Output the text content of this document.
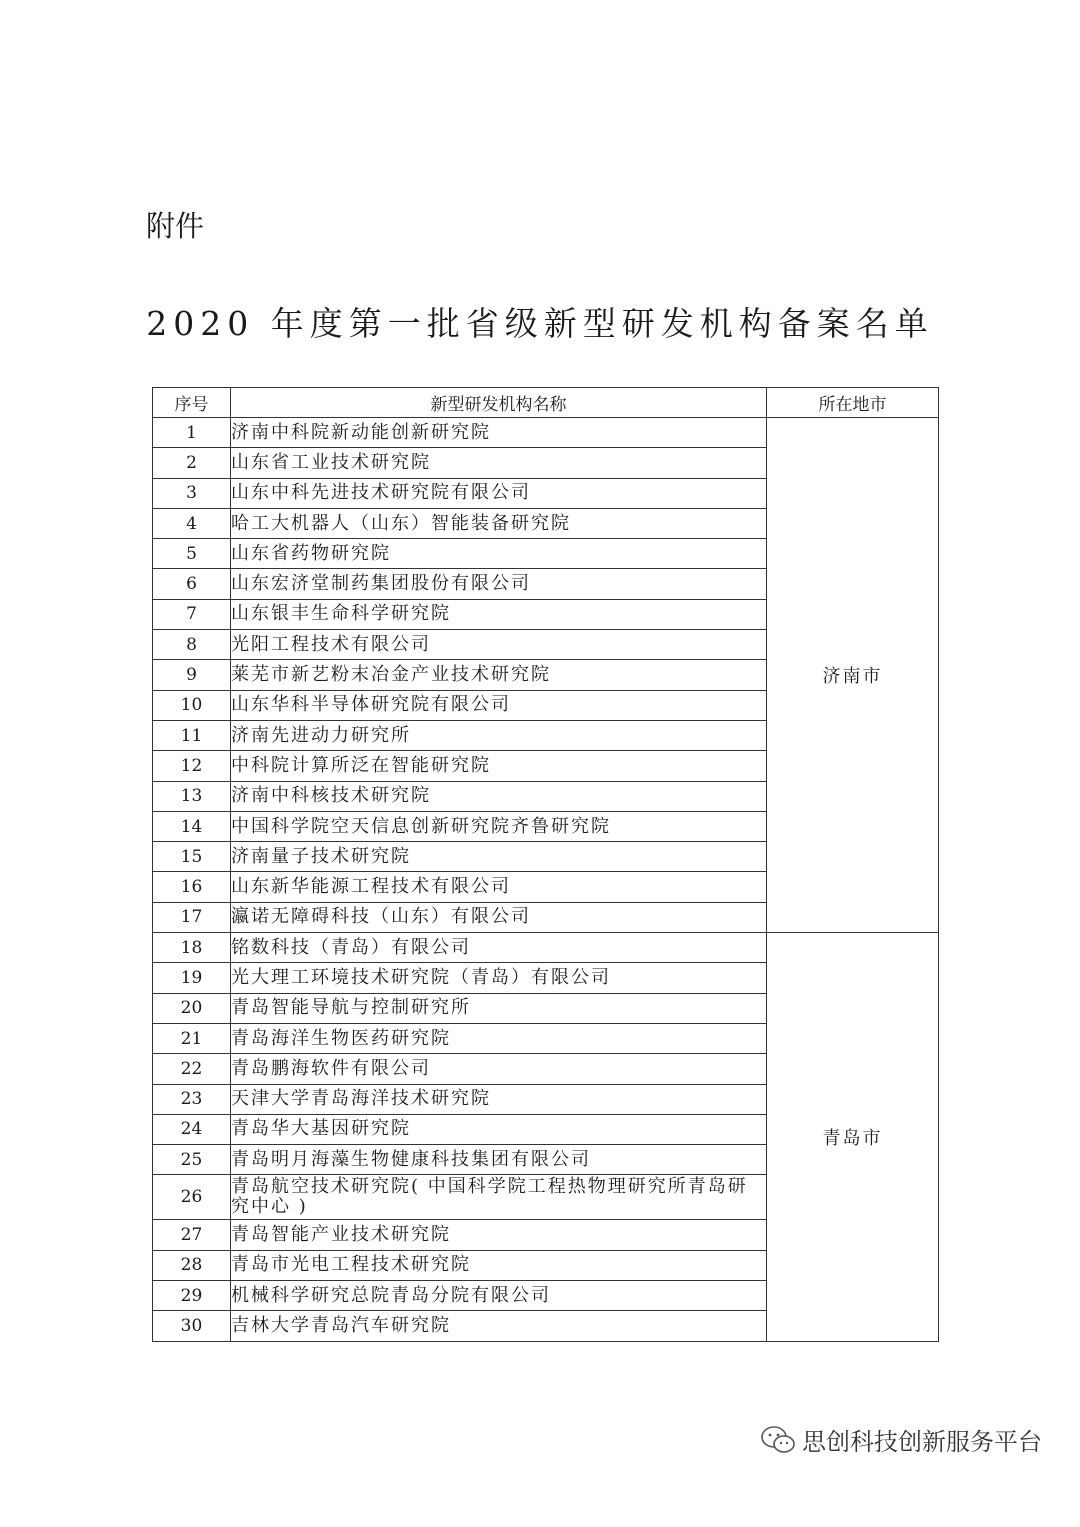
附件
2020 年度第一批省级新型研发机构备案名单
序号	新型研发机构名称	所在地市
1	济南中科院新动能创新研究院	济南市
2	山东省工业技术研究院	
3	山东中科先进技术研究院有限公司	
4	哈工大机器人（山东）智能装备研究院	
5	山东省药物研究院	
6	山东宏济堂制药集团股份有限公司	
7	山东银丰生命科学研究院	
8	光阳工程技术有限公司	
9	莱芜市新艺粉末冶金产业技术研究院	
10	山东华科半导体研究院有限公司	
11	济南先进动力研究所	
12	中科院计算所泛在智能研究院	
13	济南中科核技术研究院	
14	中国科学院空天信息创新研究院齐鲁研究院	
15	济南量子技术研究院	
16	山东新华能源工程技术有限公司	
17	瀛诺无障碍科技（山东）有限公司	
18	铭数科技（青岛）有限公司	青岛市
19	光大理工环境技术研究院（青岛）有限公司	
20	青岛智能导航与控制研究所	
21	青岛海洋生物医药研究院	
22	青岛鹏海软件有限公司	
23	天津大学青岛海洋技术研究院	
24	青岛华大基因研究院	
25	青岛明月海藻生物健康科技集团有限公司	
26	青岛航空技术研究院( 中国科学院工程热物理研究所青岛研究中心 )	
27	青岛智能产业技术研究院	
28	青岛市光电工程技术研究院	
29	机械科学研究总院青岛分院有限公司	
30	吉林大学青岛汽车研究院	
思创科技创新服务平台
